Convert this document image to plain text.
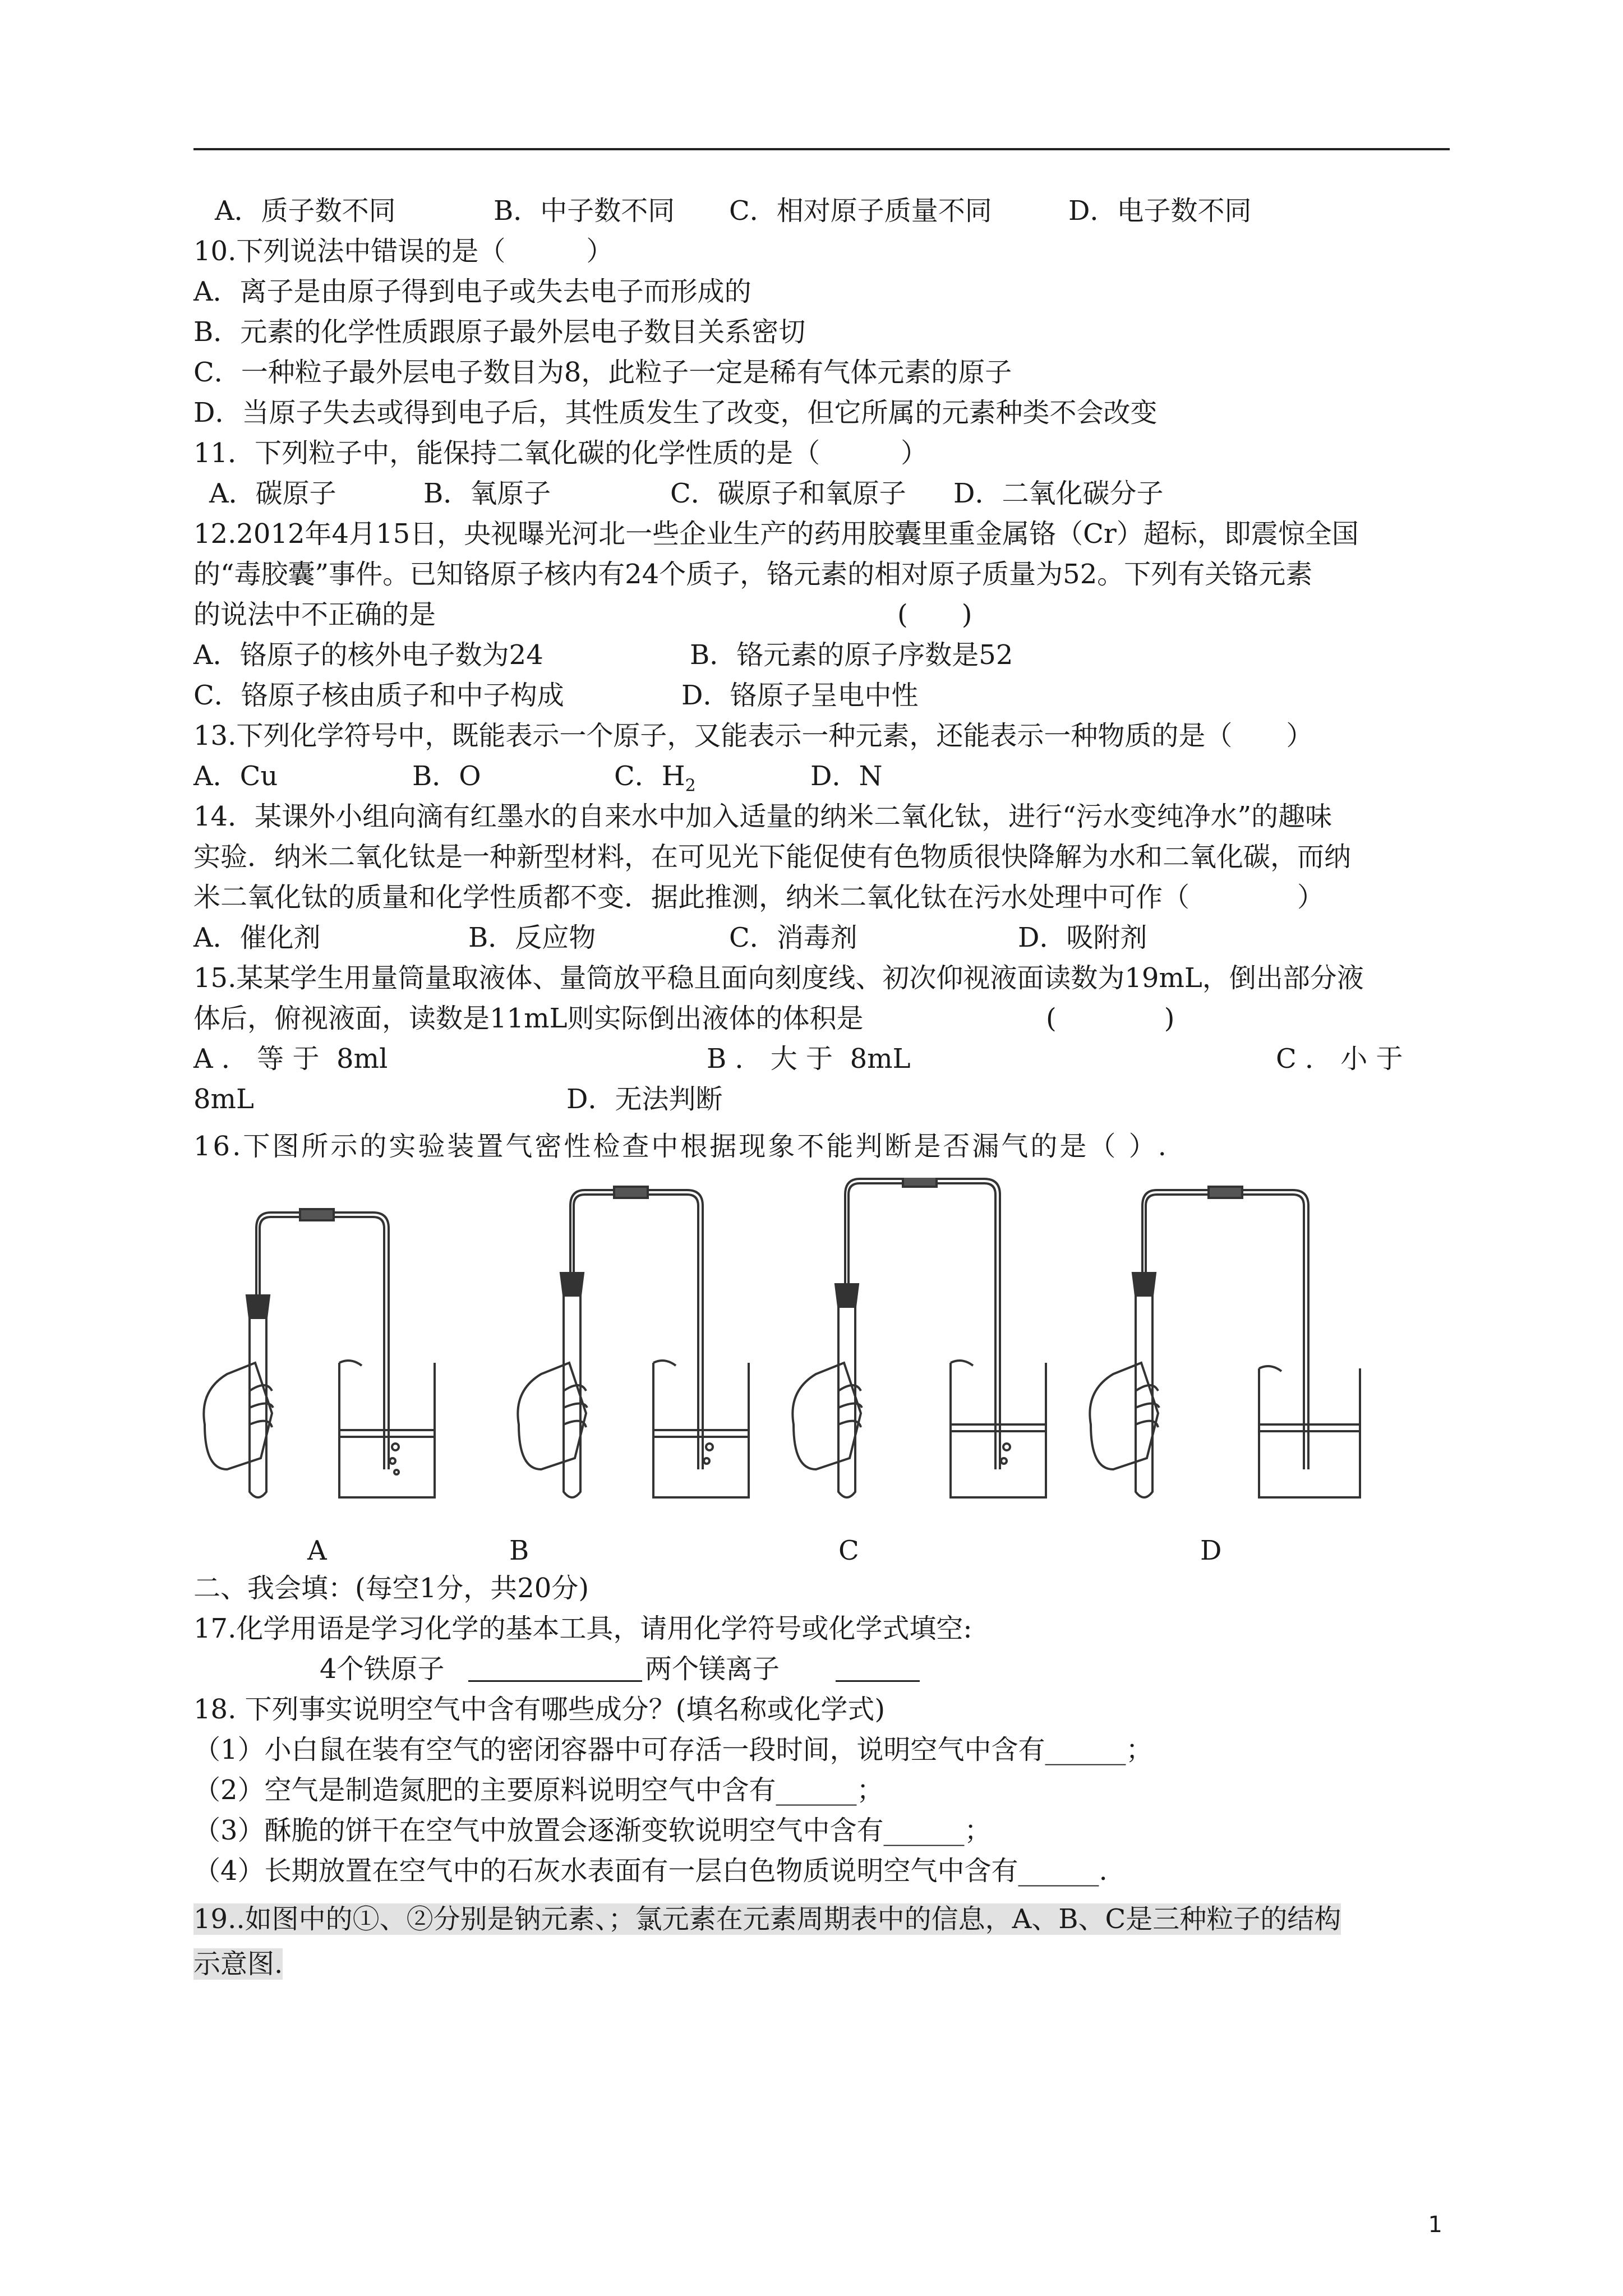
A．质子数不同	B．中子数不同 C．相对原子质量不同	D．电子数不同
10.下列说法中错误的是（　　　）
A．离子是由原子得到电子或失去电子而形成的
B．元素的化学性质跟原子最外层电子数目关系密切
C．一种粒子最外层电子数目为8，此粒子一定是稀有气体元素的原子
D．当原子失去或得到电子后，其性质发生了改变，但它所属的元素种类不会改变
11．下列粒子中，能保持二氧化碳的化学性质的是（　　　）
A．碳原子	B．氧原子	C．碳原子和氧原子 D．二氧化碳分子
12.2012年4月15日，央视曝光河北一些企业生产的药用胶囊里重金属铬（Cr）超标，即震惊全国
的“毒胶囊”事件。已知铬原子核内有24个质子，铬元素的相对原子质量为52。下列有关铬元素
的说法中不正确的是	(　　)
A．铬原子的核外电子数为24	B．铬元素的原子序数是52
C．铬原子核由质子和中子构成	D．铬原子呈电中性
13.下列化学符号中，既能表示一个原子，又能表示一种元素，还能表示一种物质的是（　　）
A．Cu	B．O	C．$H_2$	D．N
14．某课外小组向滴有红墨水的自来水中加入适量的纳米二氧化钛，进行“污水变纯净水”的趣味
实验．纳米二氧化钛是一种新型材料，在可见光下能促使有色物质很快降解为水和二氧化碳，而纳
米二氧化钛的质量和化学性质都不变．据此推测，纳米二氧化钛在污水处理中可作（　　　　）
A．催化剂	B．反应物	C．消毒剂	D．吸附剂
15.某某学生用量筒量取液体、量筒放平稳且面向刻度线、初次仰视液面读数为19mL，倒出部分液
体后，俯视液面，读数是11mL则实际倒出液体的体积是	(　　　　)
A ． 等 于  8ml	B ． 大 于  8mL	C ． 小 于
8mL	D．无法判断
16.下图所示的实验装置气密性检查中根据现象不能判断是否漏气的是（ ）.
A	B	C	D
二、我会填：(每空1分，共20分)
17.化学用语是学习化学的基本工具，请用化学符号或化学式填空:
4个铁原子	两个镁离子
18. 下列事实说明空气中含有哪些成分？(填名称或化学式)
（1）小白鼠在装有空气的密闭容器中可存活一段时间，说明空气中含有______；
（2）空气是制造氮肥的主要原料说明空气中含有______；
（3）酥脆的饼干在空气中放置会逐渐变软说明空气中含有______；
（4）长期放置在空气中的石灰水表面有一层白色物质说明空气中含有______.
19..如图中的①、②分别是钠元素、；氯元素在元素周期表中的信息，A、B、C是三种粒子的结构
示意图.
1
